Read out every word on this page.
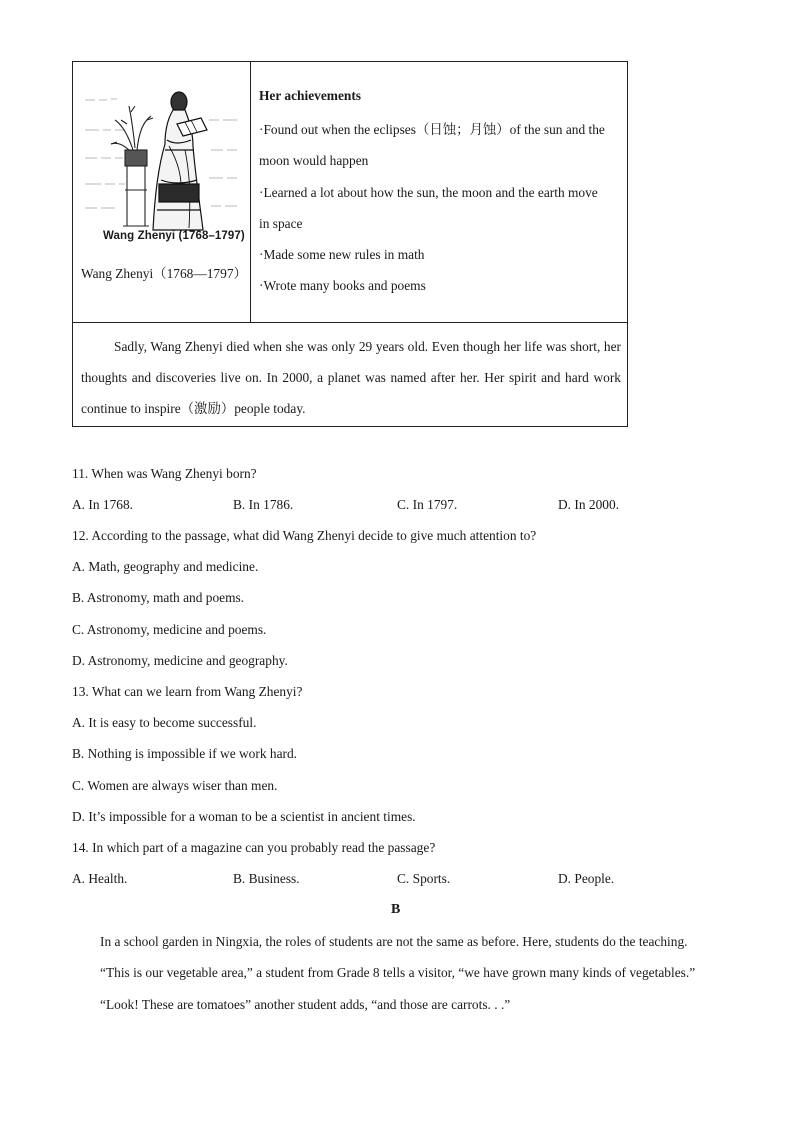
Wang Zhenyi (1768–1797)
Wang Zhenyi（1768—1797）
Her achievements
·Found out when the eclipses（日蚀；月蚀）of the sun and the
moon would happen
·Learned a lot about how the sun, the moon and the earth move
in space
·Made some new rules in math
·Wrote many books and poems

Sadly, Wang Zhenyi died when she was only 29 years old. Even though her life was short, her thoughts and discoveries live on. In 2000, a planet was named after her. Her spirit and hard work continue to inspire（激励）people today.

11. When was Wang Zhenyi born?
A. In 1768.	B. In 1786.	C. In 1797.	D. In 2000.
12. According to the passage, what did Wang Zhenyi decide to give much attention to?
A. Math, geography and medicine.
B. Astronomy, math and poems.
C. Astronomy, medicine and poems.
D. Astronomy, medicine and geography.
13. What can we learn from Wang Zhenyi?
A. It is easy to become successful.
B. Nothing is impossible if we work hard.
C. Women are always wiser than men.
D. It’s impossible for a woman to be a scientist in ancient times.
14. In which part of a magazine can you probably read the passage?
A. Health.	B. Business.	C. Sports.	D. People.
B
In a school garden in Ningxia, the roles of students are not the same as before. Here, students do the teaching.
“This is our vegetable area,” a student from Grade 8 tells a visitor, “we have grown many kinds of vegetables.”
“Look! These are tomatoes” another student adds, “and those are carrots. . .”
